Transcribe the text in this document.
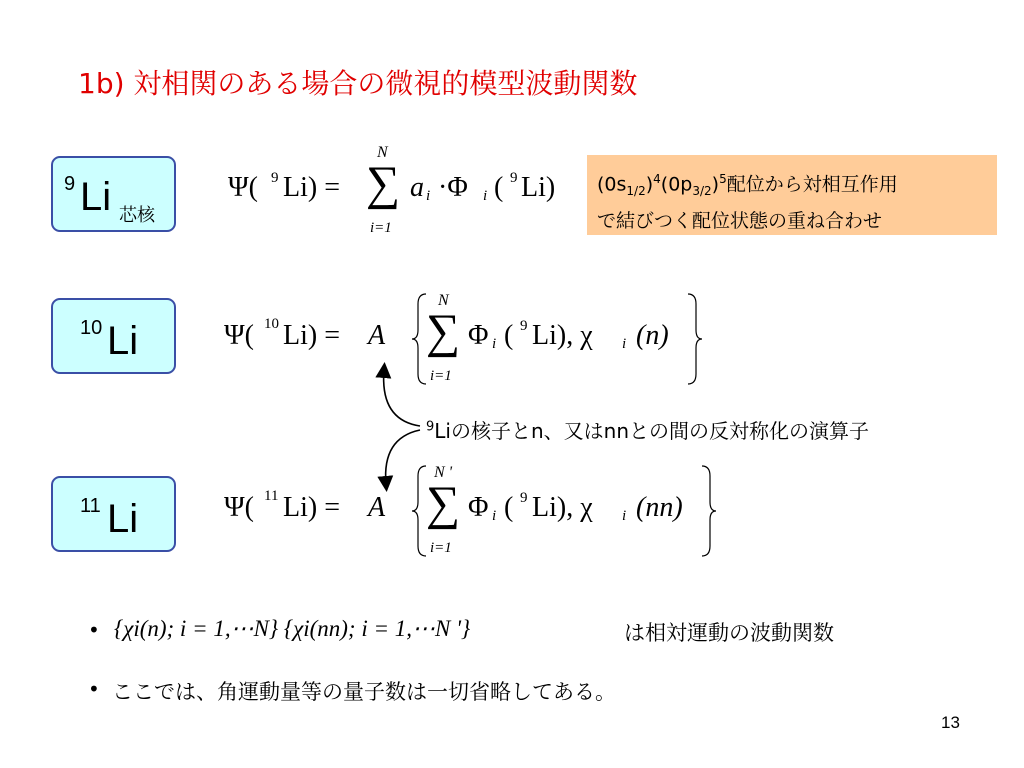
1b) 対相関のある場合の微視的模型波動関数
9 Li 芯核
10 Li
11 Li
Ψ( 9 Li) =
N
∑
i=1
a i ·Φ i ( 9 Li)
Ψ( 10 Li) = A
N
∑
i=1
Φ i ( 9 Li), χ i (n)
Ψ( 11 Li) = A
N '
∑
i=1
Φ i ( 9 Li), χ i (nn)
$(0s_{1/2})^4(0p_{3/2})^5$配位から対相互作用
で結びつく配位状態の重ね合わせ
$^9$Liの核子とn、又はnnとの間の反対称化の演算子
• {χi(n); i = 1,⋯N} {χi(nn); i = 1,⋯N '}	は相対運動の波動関数
• ここでは、角運動量等の量子数は一切省略してある。
13
